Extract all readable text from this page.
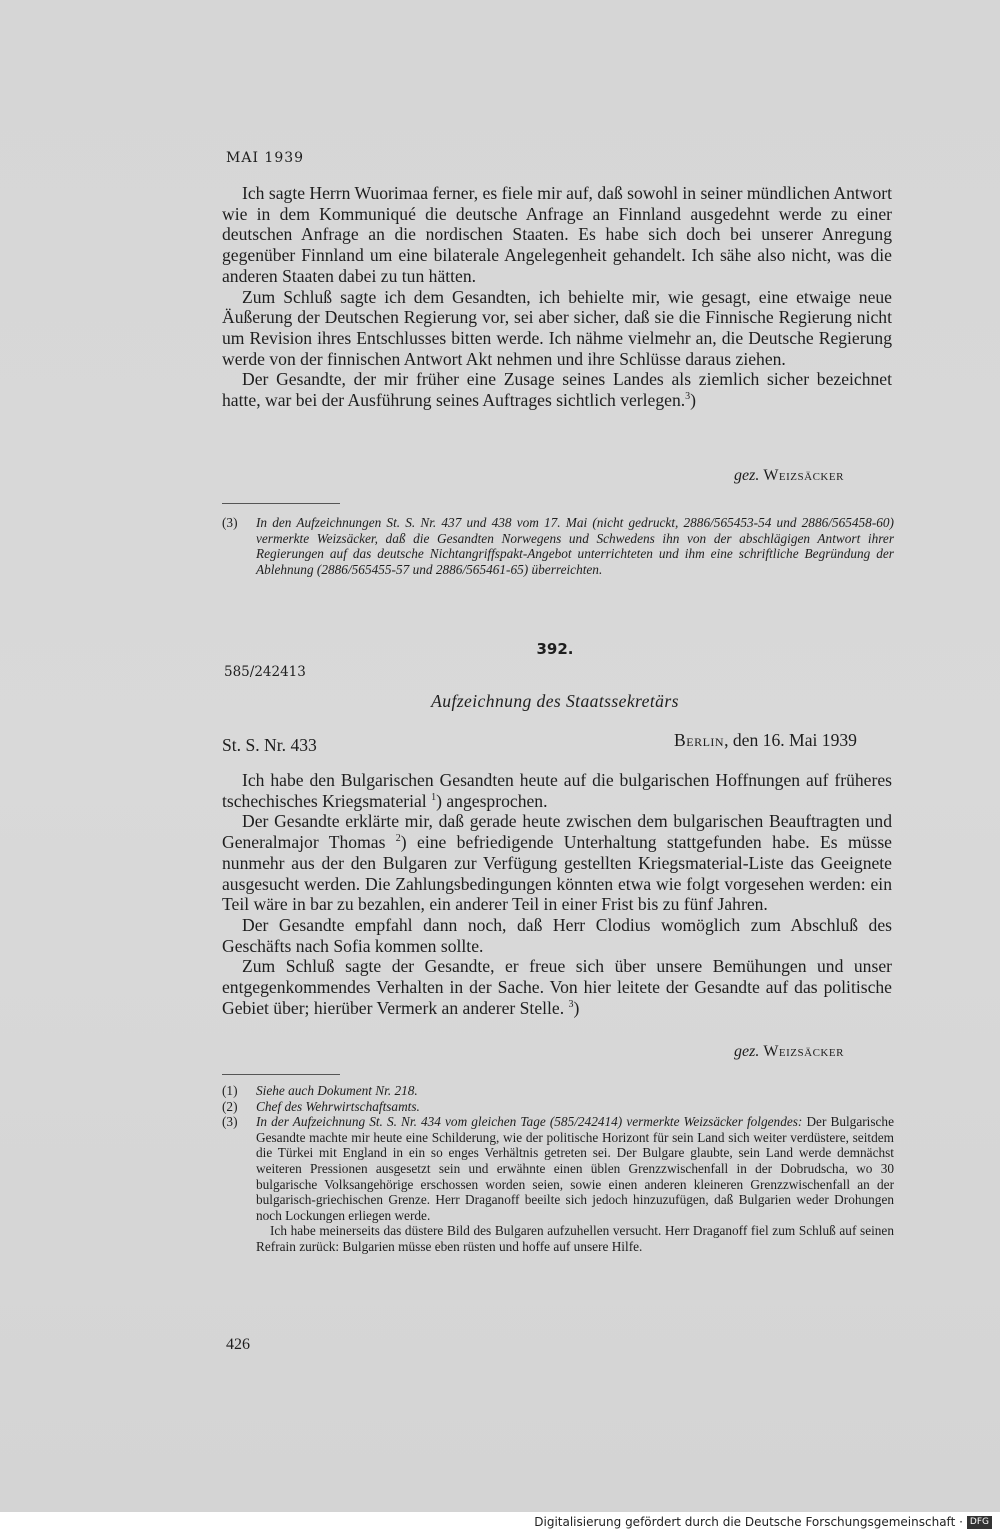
MAI 1939

Ich sagte Herrn Wuorimaa ferner, es fiele mir auf, daß sowohl in seiner mündlichen Antwort wie in dem Kommuniqué die deutsche Anfrage an Finnland ausgedehnt werde zu einer deutschen Anfrage an die nordischen Staaten. Es habe sich doch bei unserer Anregung gegenüber Finnland um eine bilaterale Angelegenheit gehandelt. Ich sähe also nicht, was die anderen Staaten dabei zu tun hätten.

Zum Schluß sagte ich dem Gesandten, ich behielte mir, wie gesagt, eine etwaige neue Äußerung der Deutschen Regierung vor, sei aber sicher, daß sie die Finnische Regierung nicht um Revision ihres Entschlusses bitten werde. Ich nähme vielmehr an, die Deutsche Regierung werde von der finnischen Antwort Akt nehmen und ihre Schlüsse daraus ziehen.

Der Gesandte, der mir früher eine Zusage seines Landes als ziemlich sicher bezeichnet hatte, war bei der Ausführung seines Auftrages sichtlich verlegen.$^3$)

gez. Weizsäcker
(3)	In den Aufzeichnungen St. S. Nr. 437 und 438 vom 17. Mai (nicht gedruckt, 2886/565453-54 und 2886/565458-60) vermerkte Weizsäcker, daß die Gesandten Norwegens und Schwedens ihn von der abschlägigen Antwort ihrer Regierungen auf das deutsche Nichtangriffspakt-Angebot unterrichteten und ihm eine schriftliche Begründung der Ablehnung (2886/565455-57 und 2886/565461-65) überreichten.
392.
585/242413
Aufzeichnung des Staatssekretärs
St. S. Nr. 433	Berlin, den 16. Mai 1939

Ich habe den Bulgarischen Gesandten heute auf die bulgarischen Hoffnungen auf früheres tschechisches Kriegsmaterial $^1$) angesprochen.

Der Gesandte erklärte mir, daß gerade heute zwischen dem bulgarischen Beauftragten und Generalmajor Thomas $^2$) eine befriedigende Unterhaltung stattgefunden habe. Es müsse nunmehr aus der den Bulgaren zur Verfügung gestellten Kriegsmaterial-Liste das Geeignete ausgesucht werden. Die Zahlungsbedingungen könnten etwa wie folgt vorgesehen werden: ein Teil wäre in bar zu bezahlen, ein anderer Teil in einer Frist bis zu fünf Jahren.

Der Gesandte empfahl dann noch, daß Herr Clodius womöglich zum Abschluß des Geschäfts nach Sofia kommen sollte.

Zum Schluß sagte der Gesandte, er freue sich über unsere Bemühungen und unser entgegenkommendes Verhalten in der Sache. Von hier leitete der Gesandte auf das politische Gebiet über; hierüber Vermerk an anderer Stelle. $^3$)

gez. Weizsäcker
(1)	Siehe auch Dokument Nr. 218.
(2)	Chef des Wehrwirtschaftsamts.
(3)	In der Aufzeichnung St. S. Nr. 434 vom gleichen Tage (585/242414) vermerkte Weizsäcker folgendes: Der Bulgarische Gesandte machte mir heute eine Schilderung, wie der politische Horizont für sein Land sich weiter verdüstere, seitdem die Türkei mit England in ein so enges Verhältnis getreten sei. Der Bulgare glaubte, sein Land werde demnächst weiteren Pressionen ausgesetzt sein und erwähnte einen üblen Grenzzwischenfall in der Dobrudscha, wo 30 bulgarische Volksangehörige erschossen worden seien, sowie einen anderen kleineren Grenzzwischenfall an der bulgarisch-griechischen Grenze. Herr Draganoff beeilte sich jedoch hinzuzufügen, daß Bulgarien weder Drohungen noch Lockungen erliegen werde.
Ich habe meinerseits das düstere Bild des Bulgaren aufzuhellen versucht. Herr Draganoff fiel zum Schluß auf seinen Refrain zurück: Bulgarien müsse eben rüsten und hoffe auf unsere Hilfe.
426
Digitalisierung gefördert durch die Deutsche Forschungsgemeinschaft · DFG
